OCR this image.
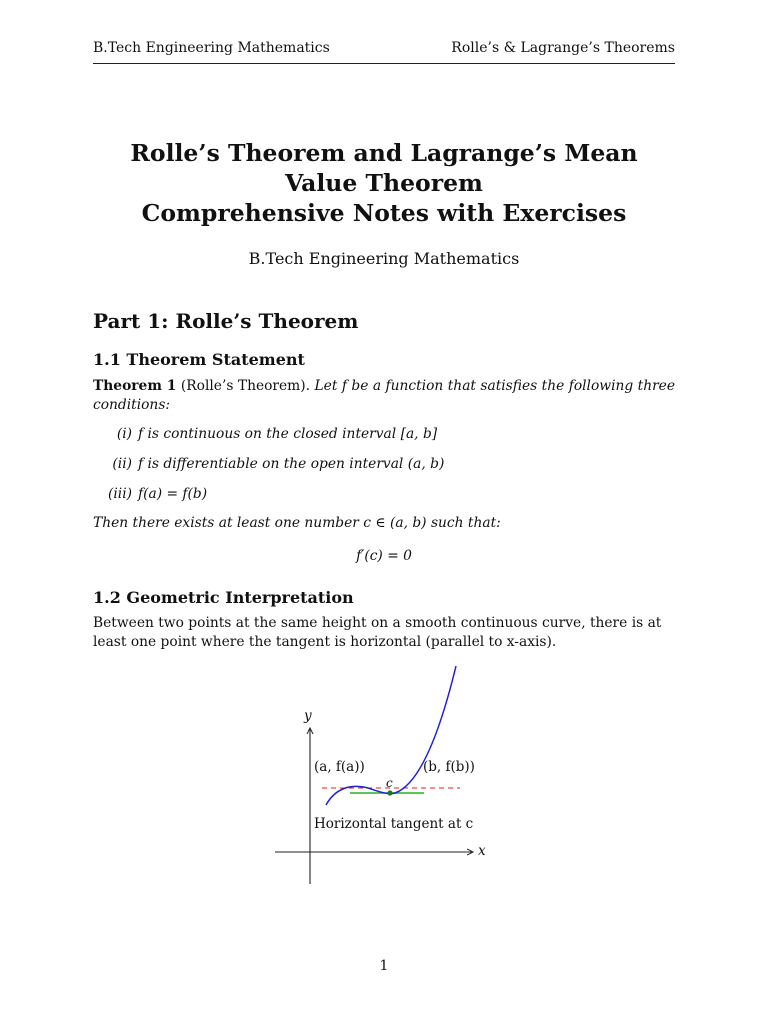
B.Tech Engineering Mathematics	Rolle’s & Lagrange’s Theorems
Rolle’s Theorem and Lagrange’s Mean
Value Theorem
Comprehensive Notes with Exercises
B.Tech Engineering Mathematics
Part 1: Rolle’s Theorem
1.1 Theorem Statement
Theorem 1 (Rolle’s Theorem). Let f be a function that satisfies the following three conditions:
(i) f is continuous on the closed interval [a, b]
(ii) f is differentiable on the open interval (a, b)
(iii) f(a) = f(b)
Then there exists at least one number c ∈ (a, b) such that:
f′(c) = 0
1.2 Geometric Interpretation
Between two points at the same height on a smooth continuous curve, there is at least one point where the tangent is horizontal (parallel to x-axis).
y
x
(a, f(a))	(b, f(b))
c
Horizontal tangent at c
1
